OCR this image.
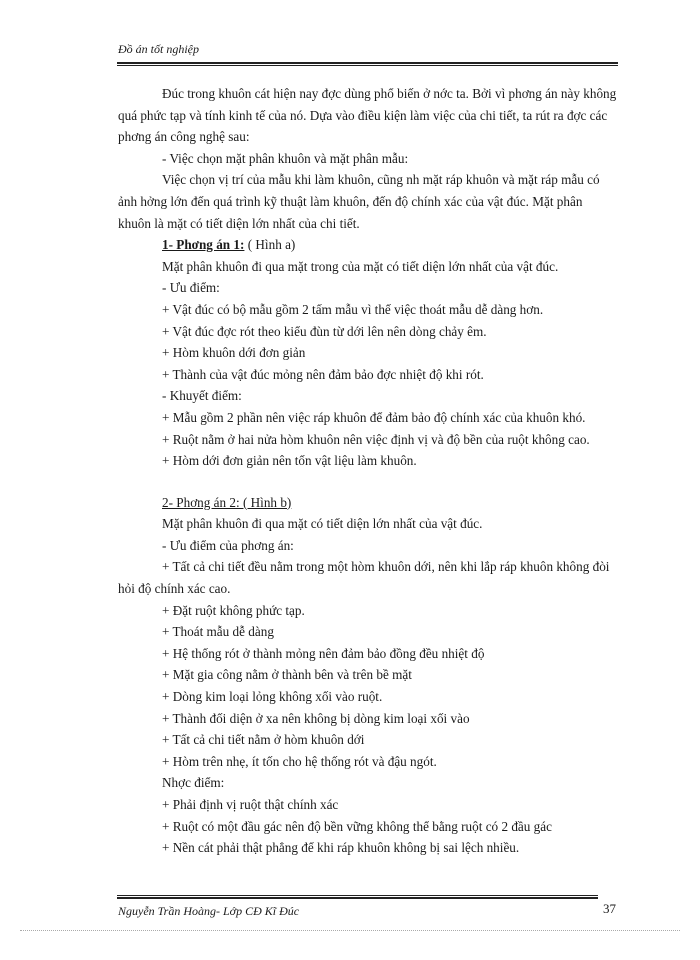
Đồ án tốt nghiệp

Đúc trong khuôn cát hiện nay đợc dùng phổ biến ở nớc ta. Bởi vì phơng án này không quá phức tạp và tính kinh tế của nó. Dựa vào điều kiện làm việc của chi tiết, ta rút ra đợc các phơng án công nghệ sau:

- Việc chọn mặt phân khuôn và mặt phân mẫu:

Việc chọn vị trí của mẫu khi làm khuôn, cũng nh mặt ráp khuôn và mặt ráp mẫu có ảnh hởng lớn đến quá trình kỹ thuật làm khuôn, đến độ chính xác của vật đúc. Mặt phân khuôn là mặt có tiết diện lớn nhất của chi tiết.

1- Phơng án 1: ( Hình a)

Mặt phân khuôn đi qua mặt trong của mặt có tiết diện lớn nhất của vật đúc.

- Ưu điểm:

+ Vật đúc có bộ mẫu gồm 2 tấm mẫu vì thế việc thoát mẫu dễ dàng hơn.

+ Vật đúc đợc rót theo kiểu đùn từ dới lên nên dòng chảy êm.

+ Hòm khuôn dới đơn giản

+ Thành của vật đúc mỏng nên đảm bảo đợc nhiệt độ khi rót.

- Khuyết điểm:

+ Mẫu gồm 2 phần nên việc ráp khuôn để đảm bảo độ chính xác của khuôn khó.

+ Ruột nằm ở hai nửa hòm khuôn nên việc định vị và độ bền của ruột không cao.

+ Hòm dới đơn giản nên tốn vật liệu làm khuôn.

2- Phơng án 2: ( Hình b)

Mặt phân khuôn đi qua mặt có tiết diện lớn nhất của vật đúc.

- Ưu điểm của phơng án:

+ Tất cả chi tiết đều nằm trong một hòm khuôn dới, nên khi lắp ráp khuôn không đòi hỏi độ chính xác cao.

+ Đặt ruột không phức tạp.

+ Thoát mẫu dễ dàng

+ Hệ thống rót ở thành mỏng nên đảm bảo đồng đều nhiệt độ

+ Mặt gia công nằm ở thành bên và trên bề mặt

+ Dòng kim loại lỏng không xối vào ruột.

+ Thành đối diện ở xa nên không bị dòng kim loại xối vào

+ Tất cả chi tiết nằm ở hòm khuôn dới

+ Hòm trên nhẹ, ít tốn cho hệ thống rót và đậu ngót.

Nhợc điểm:

+ Phải định vị ruột thật chính xác

+ Ruột có một đầu gác nên độ bền vững không thể bằng ruột có 2 đầu gác

+ Nền cát phải thật phẳng để khi ráp khuôn không bị sai lệch nhiều.

Nguyễn Trần Hoàng- Lớp CĐ Kĩ Đúc	37
